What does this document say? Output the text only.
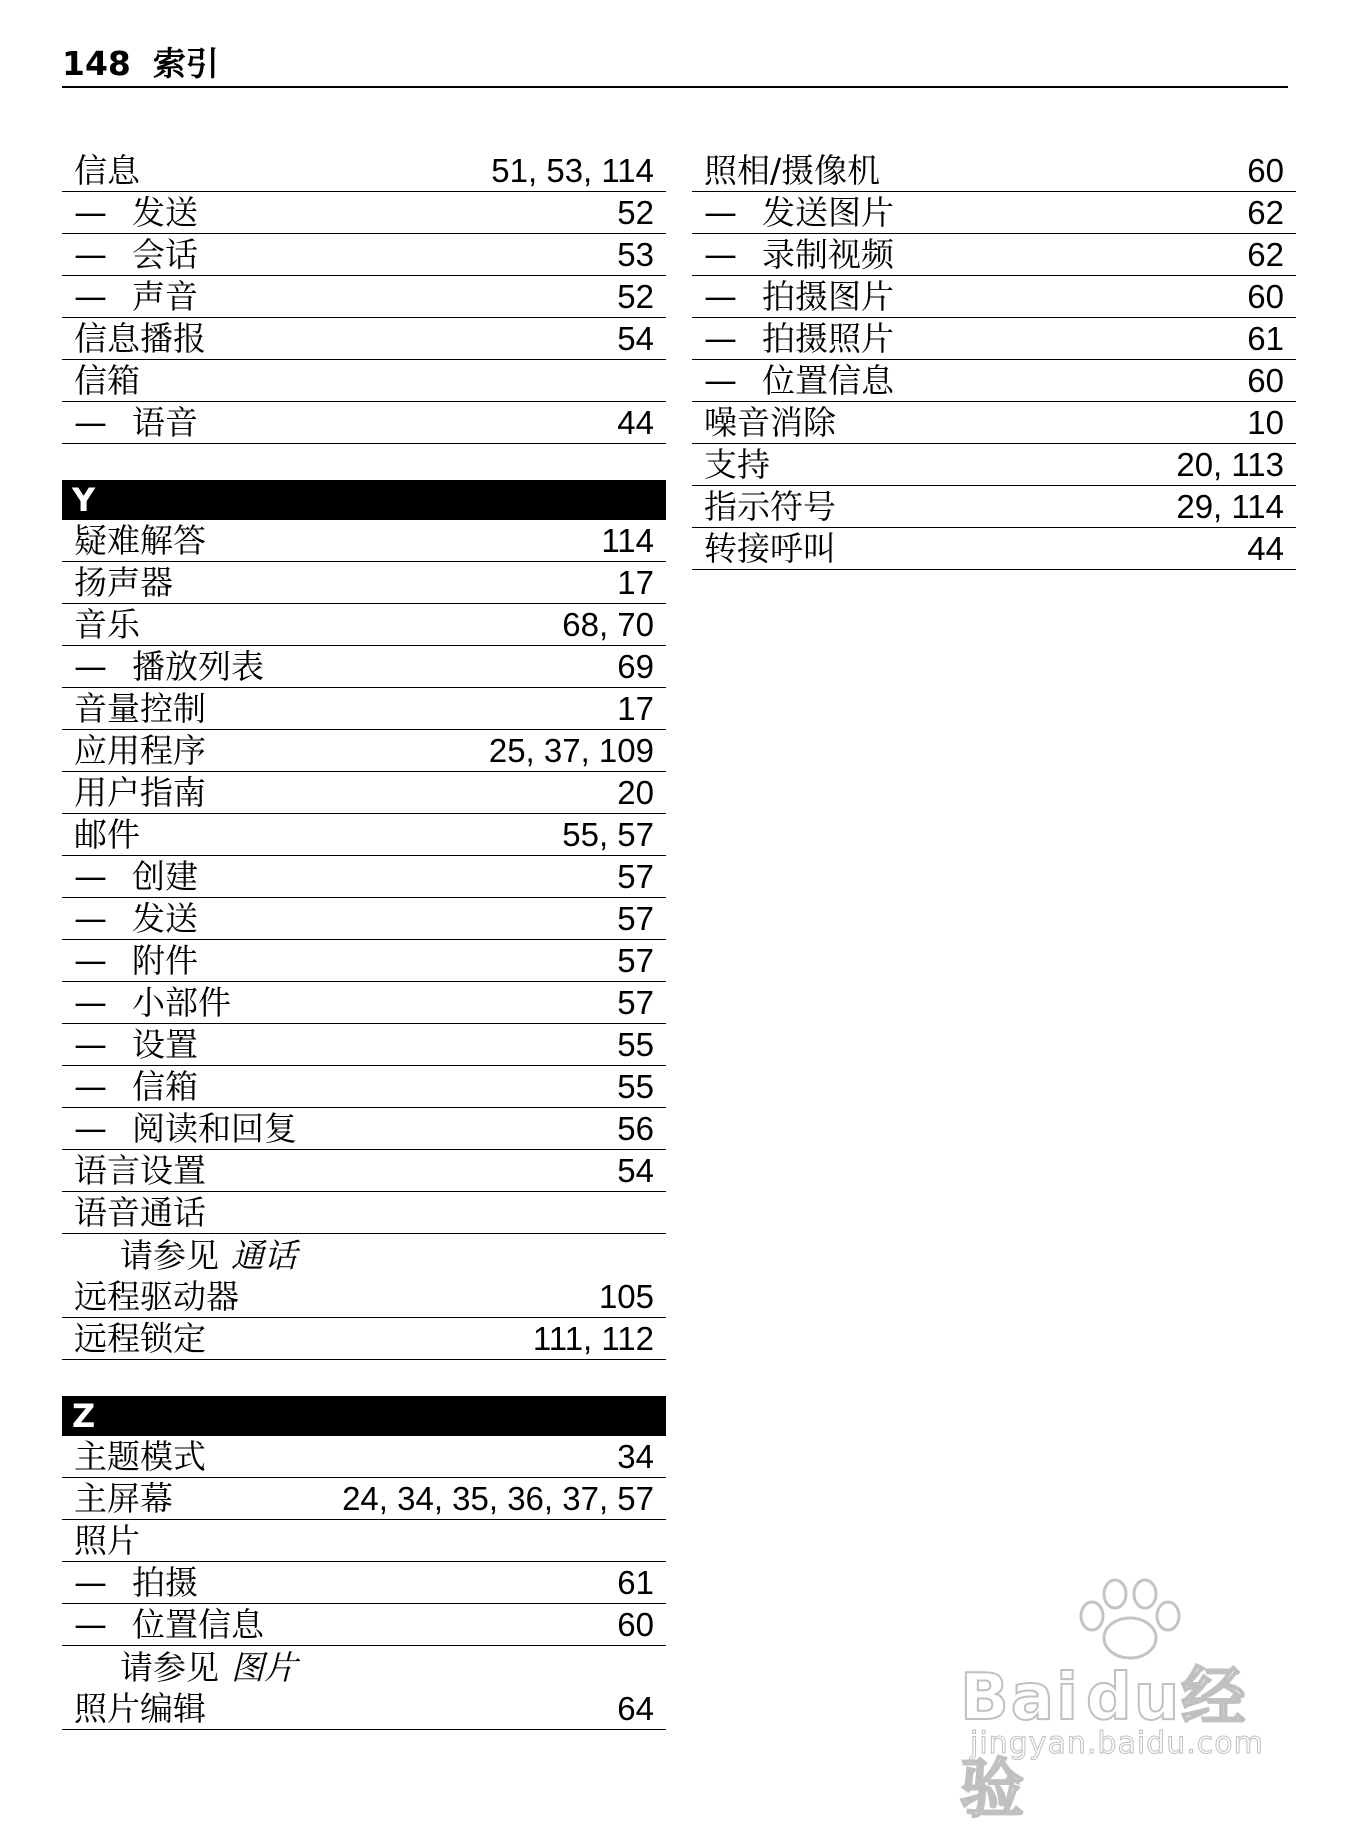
148 索引
信息	51, 53, 114
— 发送	52
— 会话	53
— 声音	52
信息播报	54
信箱
— 语音	44
Y
疑难解答	114
扬声器	17
音乐	68, 70
— 播放列表	69
音量控制	17
应用程序	25, 37, 109
用户指南	20
邮件	55, 57
— 创建	57
— 发送	57
— 附件	57
— 小部件	57
— 设置	55
— 信箱	55
— 阅读和回复	56
语言设置	54
语音通话
请参见 通话
远程驱动器	105
远程锁定	111, 112
Z
主题模式	34
主屏幕	24, 34, 35, 36, 37, 57
照片
— 拍摄	61
— 位置信息	60
请参见 图片
照片编辑	64
照相/摄像机	60
— 发送图片	62
— 录制视频	62
— 拍摄图片	60
— 拍摄照片	61
— 位置信息	60
噪音消除	10
支持	20, 113
指示符号	29, 114
转接呼叫	44
Baidu经验
jingyan.baidu.com
